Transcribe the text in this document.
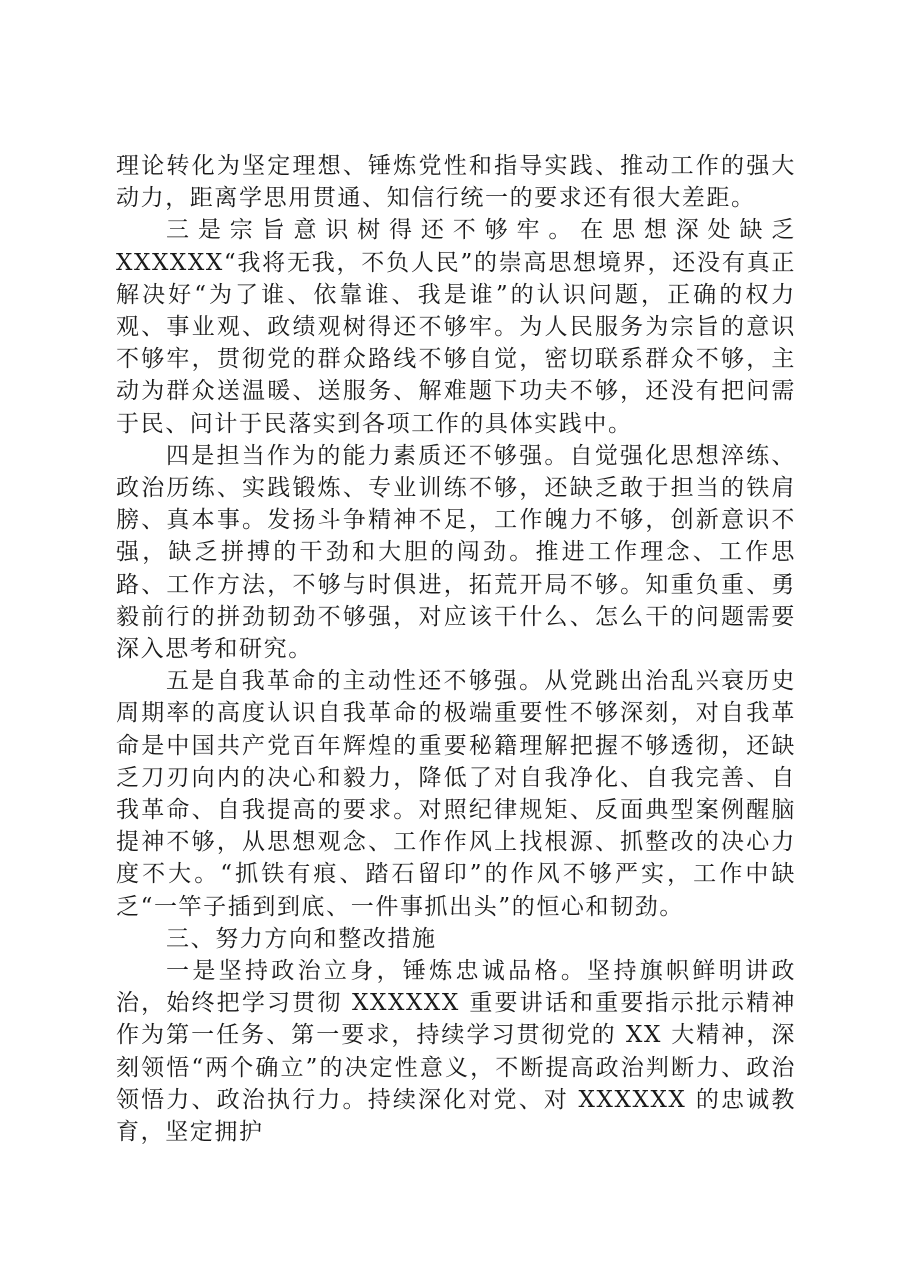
理论转化为坚定理想、锤炼党性和指导实践、推动工作的强大动力，距离学思用贯通、知信行统一的要求还有很大差距。

三是宗旨意识树得还不够牢。在思想深处缺乏 XXXXXX“我将无我，不负人民”的崇高思想境界，还没有真正解决好“为了谁、依靠谁、我是谁”的认识问题，正确的权力观、事业观、政绩观树得还不够牢。为人民服务为宗旨的意识不够牢，贯彻党的群众路线不够自觉，密切联系群众不够，主动为群众送温暖、送服务、解难题下功夫不够，还没有把问需于民、问计于民落实到各项工作的具体实践中。

四是担当作为的能力素质还不够强。自觉强化思想淬练、政治历练、实践锻炼、专业训练不够，还缺乏敢于担当的铁肩膀、真本事。发扬斗争精神不足，工作魄力不够，创新意识不强，缺乏拼搏的干劲和大胆的闯劲。推进工作理念、工作思路、工作方法，不够与时俱进，拓荒开局不够。知重负重、勇毅前行的拼劲韧劲不够强，对应该干什么、怎么干的问题需要深入思考和研究。

五是自我革命的主动性还不够强。从党跳出治乱兴衰历史周期率的高度认识自我革命的极端重要性不够深刻，对自我革命是中国共产党百年辉煌的重要秘籍理解把握不够透彻，还缺乏刀刃向内的决心和毅力，降低了对自我净化、自我完善、自我革命、自我提高的要求。对照纪律规矩、反面典型案例醒脑提神不够，从思想观念、工作作风上找根源、抓整改的决心力度不大。“抓铁有痕、踏石留印”的作风不够严实，工作中缺乏“一竿子插到到底、一件事抓出头”的恒心和韧劲。

三、努力方向和整改措施

一是坚持政治立身，锤炼忠诚品格。坚持旗帜鲜明讲政治，始终把学习贯彻 XXXXXX 重要讲话和重要指示批示精神作为第一任务、第一要求，持续学习贯彻党的 XX 大精神，深刻领悟“两个确立”的决定性意义，不断提高政治判断力、政治领悟力、政治执行力。持续深化对党、对 XXXXXX 的忠诚教育，坚定拥护
